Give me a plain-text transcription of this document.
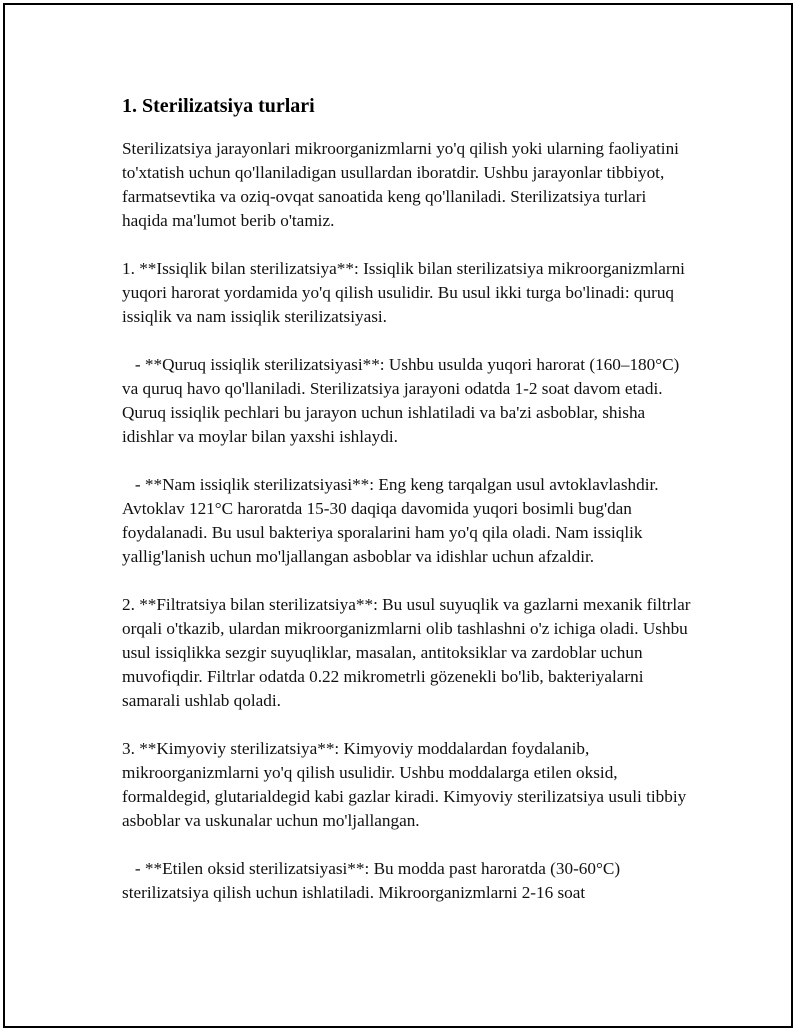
1. Sterilizatsiya turlari

Sterilizatsiya jarayonlari mikroorganizmlarni yo'q qilish yoki ularning faoliyatini to'xtatish uchun qo'llaniladigan usullardan iboratdir. Ushbu jarayonlar tibbiyot, farmatsevtika va oziq-ovqat sanoatida keng qo'llaniladi. Sterilizatsiya turlari haqida ma'lumot berib o'tamiz.

1. **Issiqlik bilan sterilizatsiya**: Issiqlik bilan sterilizatsiya mikroorganizmlarni yuqori harorat yordamida yo'q qilish usulidir. Bu usul ikki turga bo'linadi: quruq issiqlik va nam issiqlik sterilizatsiyasi.

- **Quruq issiqlik sterilizatsiyasi**: Ushbu usulda yuqori harorat (160–180°C) va quruq havo qo'llaniladi. Sterilizatsiya jarayoni odatda 1-2 soat davom etadi. Quruq issiqlik pechlari bu jarayon uchun ishlatiladi va ba'zi asboblar, shisha idishlar va moylar bilan yaxshi ishlaydi.

- **Nam issiqlik sterilizatsiyasi**: Eng keng tarqalgan usul avtoklavlashdir. Avtoklav 121°C haroratda 15-30 daqiqa davomida yuqori bosimli bug'dan foydalanadi. Bu usul bakteriya sporalarini ham yo'q qila oladi. Nam issiqlik yallig'lanish uchun mo'ljallangan asboblar va idishlar uchun afzaldir.

2. **Filtratsiya bilan sterilizatsiya**: Bu usul suyuqlik va gazlarni mexanik filtrlar orqali o'tkazib, ulardan mikroorganizmlarni olib tashlashni o'z ichiga oladi. Ushbu usul issiqlikka sezgir suyuqliklar, masalan, antitoksiklar va zardoblar uchun muvofiqdir. Filtrlar odatda 0.22 mikrometrli gözenekli bo'lib, bakteriyalarni samarali ushlab qoladi.

3. **Kimyoviy sterilizatsiya**: Kimyoviy moddalardan foydalanib, mikroorganizmlarni yo'q qilish usulidir. Ushbu moddalarga etilen oksid, formaldegid, glutarialdegid kabi gazlar kiradi. Kimyoviy sterilizatsiya usuli tibbiy asboblar va uskunalar uchun mo'ljallangan.

- **Etilen oksid sterilizatsiyasi**: Bu modda past haroratda (30-60°C) sterilizatsiya qilish uchun ishlatiladi. Mikroorganizmlarni 2-16 soat
